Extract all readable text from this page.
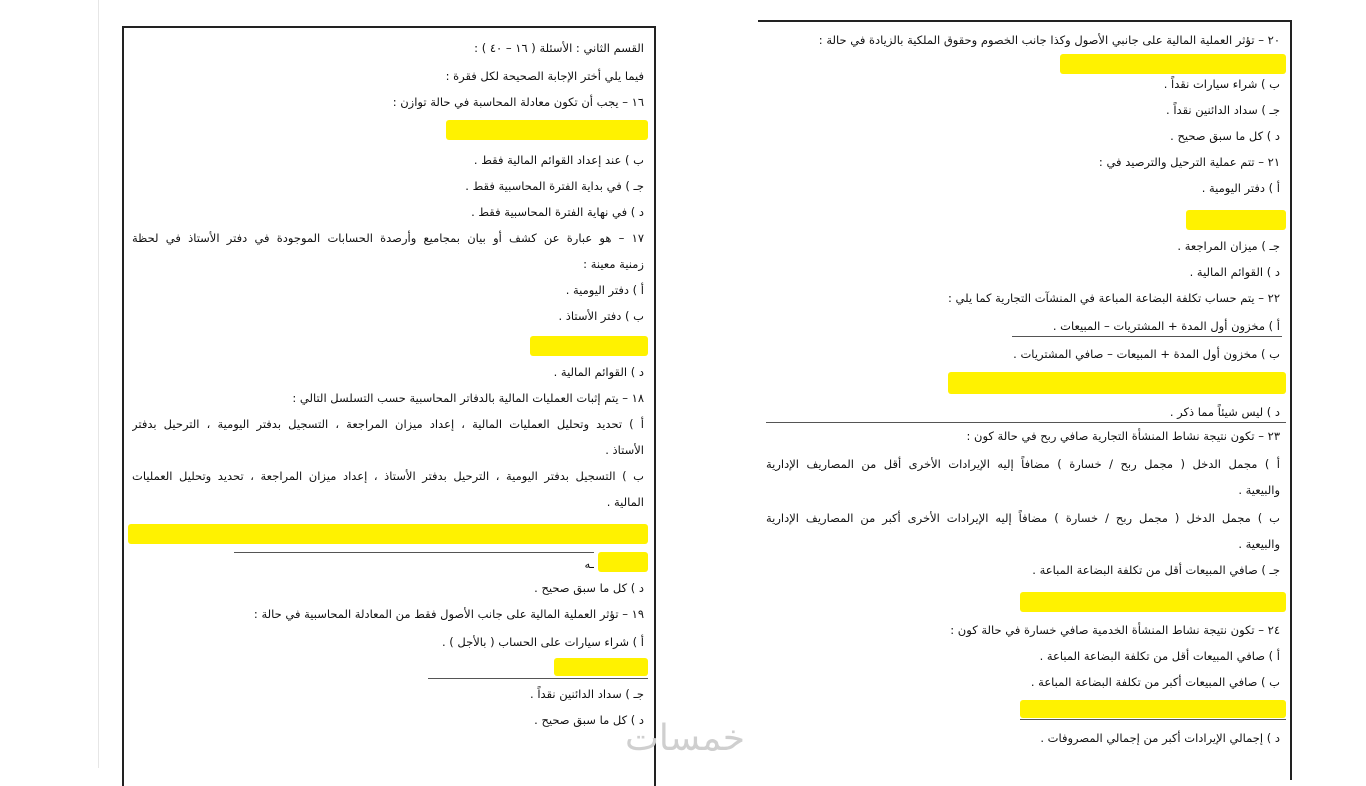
القسم الثاني : الأسئلة ( ١٦ – ٤٠ ) :
فيما يلي أختر الإجابة الصحيحة لكل فقرة :
١٦ – يجب أن تكون معادلة المحاسبة في حالة توازن :
ب ) عند إعداد القوائم المالية فقط .
جـ ) في بداية الفترة المحاسبية فقط .
د ) في نهاية الفترة المحاسبية فقط .
١٧ – هو عبارة عن كشف أو بيان بمجاميع وأرصدة الحسابات الموجودة في دفتر الأستاذ في لحظة
زمنية معينة :
أ ) دفتر اليومية .
ب ) دفتر الأستاذ .
د ) القوائم المالية .
١٨ – يتم إثبات العمليات المالية بالدفاتر المحاسبية حسب التسلسل التالي :
أ ) تحديد وتحليل العمليات المالية ، إعداد ميزان المراجعة ، التسجيل بدفتر اليومية ، الترحيل بدفتر
الأستاذ .
ب ) التسجيل بدفتر اليومية ، الترحيل بدفتر الأستاذ ، إعداد ميزان المراجعة ، تحديد وتحليل العمليات
المالية .
ـه
د ) كل ما سبق صحيح .
١٩ – تؤثر العملية المالية على جانب الأصول فقط من المعادلة المحاسبية في حالة :
أ ) شراء سيارات على الحساب ( بالأجل ) .
جـ ) سداد الدائنين نقداً .
د ) كل ما سبق صحيح .
٢٠ – تؤثر العملية المالية على جانبي الأصول وكذا جانب الخصوم وحقوق الملكية بالزيادة في حالة :
ب ) شراء سيارات نقداً .
جـ ) سداد الدائنين نقداً .
د ) كل ما سبق صحيح .
٢١ – تتم عملية الترحيل والترصيد في :
أ ) دفتر اليومية .
جـ ) ميزان المراجعة .
د ) القوائم المالية .
٢٢ – يتم حساب تكلفة البضاعة المباعة في المنشآت التجارية كما يلي :
أ ) مخزون أول المدة + المشتريات – المبيعات .
ب ) مخزون أول المدة + المبيعات – صافي المشتريات .
د ) ليس شيئاً مما ذكر .
٢٣ – تكون نتيجة نشاط المنشأة التجارية صافي ربح في حالة كون :
أ ) مجمل الدخل ( مجمل ربح / خسارة ) مضافاً إليه الإيرادات الأخرى أقل من المصاريف الإدارية
والبيعية .
ب ) مجمل الدخل ( مجمل ربح / خسارة ) مضافاً إليه الإيرادات الأخرى أكبر من المصاريف الإدارية
والبيعية .
جـ ) صافي المبيعات أقل من تكلفة البضاعة المباعة .
٢٤ – تكون نتيجة نشاط المنشأة الخدمية صافي خسارة في حالة كون :
أ ) صافي المبيعات أقل من تكلفة البضاعة المباعة .
ب ) صافي المبيعات أكبر من تكلفة البضاعة المباعة .
د ) إجمالي الإيرادات أكبر من إجمالي المصروفات .
خمسات
